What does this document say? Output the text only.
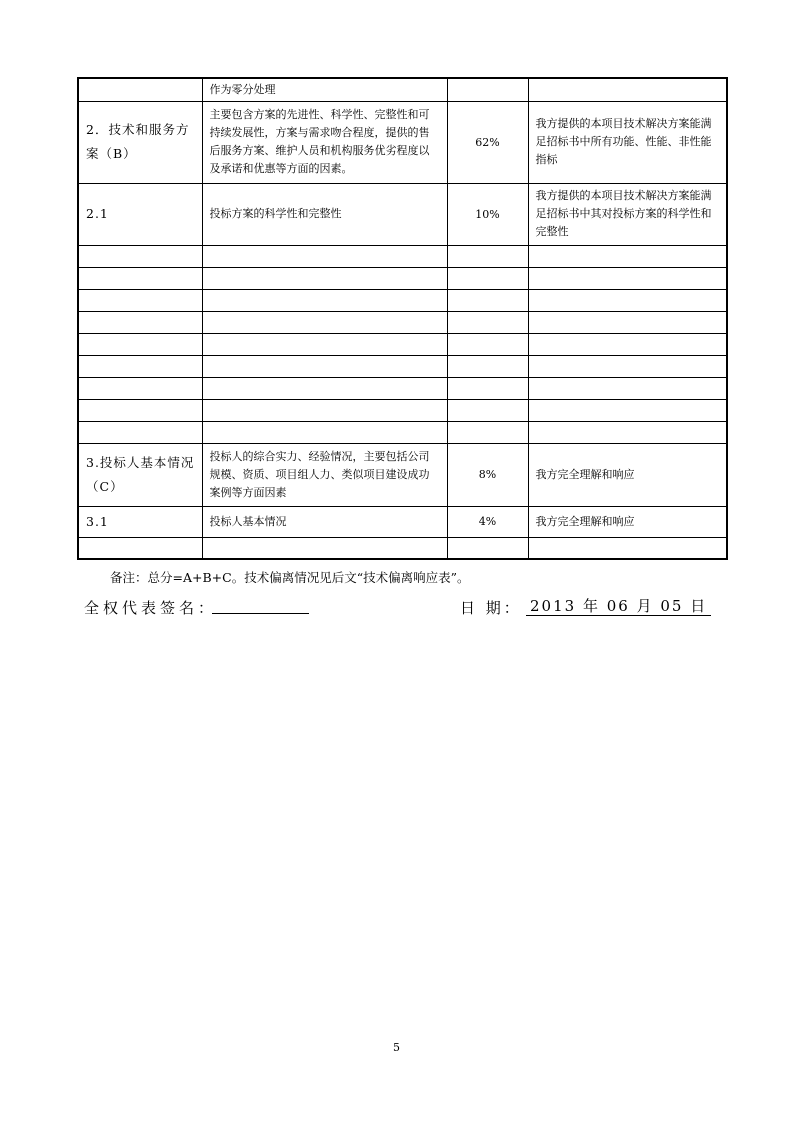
	作为零分处理		
2．技术和服务方案（B）	主要包含方案的先进性、科学性、完整性和可持续发展性，方案与需求吻合程度，提供的售后服务方案、维护人员和机构服务优劣程度以及承诺和优惠等方面的因素。	62%	我方提供的本项目技术解决方案能满足招标书中所有功能、性能、非性能指标
2.1	投标方案的科学性和完整性	10%	我方提供的本项目技术解决方案能满足招标书中其对投标方案的科学性和完整性

3.投标人基本情况（C）	投标人的综合实力、经验情况，主要包括公司规模、资质、项目组人力、类似项目建设成功案例等方面因素	8%	我方完全理解和响应
3.1	投标人基本情况	4%	我方完全理解和响应

备注：总分=A+B+C。技术偏离情况见后文“技术偏离响应表”。
全权代表签名：	日 期： 2013 年 06 月 05 日
5
